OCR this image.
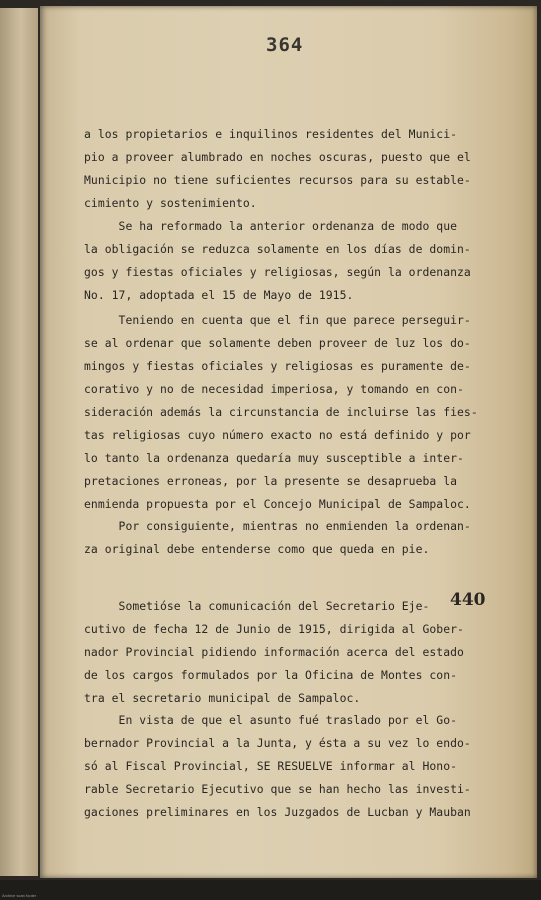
364

a los propietarios e inquilinos residentes del Munici-
pio a proveer alumbrado en noches oscuras, puesto que el
Municipio no tiene suficientes recursos para su estable-
cimiento y sostenimiento.

Se ha reformado la anterior ordenanza de modo que
la obligación se reduzca solamente en los días de domin-
gos y fiestas oficiales y religiosas, según la ordenanza
No. 17, adoptada el 15 de Mayo de 1915.

Teniendo en cuenta que el fin que parece perseguir-
se al ordenar que solamente deben proveer de luz los do-
mingos y fiestas oficiales y religiosas es puramente de-
corativo y no de necesidad imperiosa, y tomando en con-
sideración además la circunstancia de incluirse las fies-
tas religiosas cuyo número exacto no está definido y por
lo tanto la ordenanza quedaría muy susceptible a inter-
pretaciones erroneas, por la presente se desaprueba la
enmienda propuesta por el Concejo Municipal de Sampaloc.

Por consiguiente, mientras no enmienden la ordenan-
za original debe entenderse como que queda en pie.

Sometióse la comunicación del Secretario Eje-
cutivo de fecha 12 de Junio de 1915, dirigida al Gober-
nador Provincial pidiendo información acerca del estado
de los cargos formulados por la Oficina de Montes con-
tra el secretario municipal de Sampaloc.

En vista de que el asunto fué traslado por el Go-
bernador Provincial a la Junta, y ésta a su vez lo endo-
só al Fiscal Provincial, SE RESUELVE informar al Hono-
rable Secretario Ejecutivo que se han hecho las investi-
gaciones preliminares en los Juzgados de Lucban y Mauban

440
Archive scan footer
